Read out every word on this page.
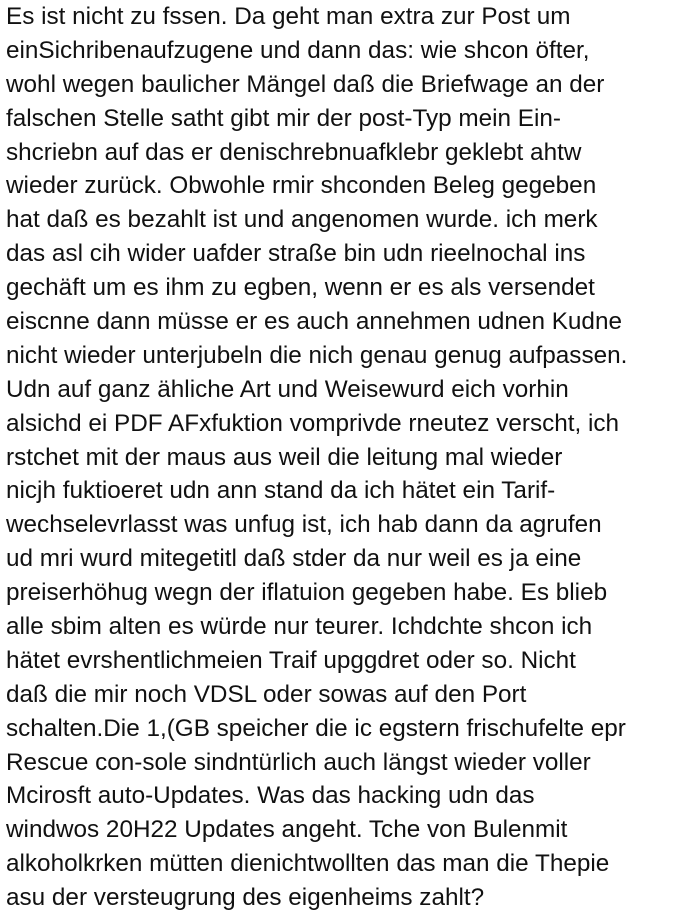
Es ist nicht zu fssen. Da geht man extra zur Post um
einSichribenaufzugene und dann das: wie shcon öfter,
wohl wegen baulicher Mängel daß die Briefwage an der
falschen Stelle satht gibt mir der post-Typ mein Ein-
shcriebn auf das er denischrebnuafklebr geklebt ahtw
wieder zurück. Obwohle rmir shconden Beleg gegeben
hat daß es bezahlt ist und angenomen wurde. ich merk
das asl cih wider uafder straße bin udn rieelnochal ins
gechäft um es ihm zu egben, wenn er es als versendet
eiscnne dann müsse er es auch annehmen udnen Kudne
nicht wieder unterjubeln die nich genau genug aufpassen.
Udn auf ganz ähliche Art und Weisewurd eich vorhin
alsichd ei PDF AFxfuktion vomprivde rneutez verscht, ich
rstchet mit der maus aus weil die leitung mal wieder
nicjh fuktioeret udn ann stand da ich hätet ein Tarif-
wechselevrlasst was unfug ist, ich hab dann da agrufen
ud mri wurd mitegetitl daß stder da nur weil es ja eine
preiserhöhug wegn der iflatuion gegeben habe. Es blieb
alle sbim alten es würde nur teurer. Ichdchte shcon ich
hätet evrshentlichmeien Traif upggdret oder so. Nicht
daß die mir noch VDSL oder sowas auf den Port
schalten.Die 1,(GB speicher die ic egstern frischufelte epr
Rescue con-sole sindntürlich auch längst wieder voller
Mcirosft auto-Updates. Was das hacking udn das
windwos 20H22 Updates angeht. Tche von Bulenmit
alkoholkrken mütten dienichtwollten das man die Thepie
asu der versteugrung des eigenheims zahlt?
